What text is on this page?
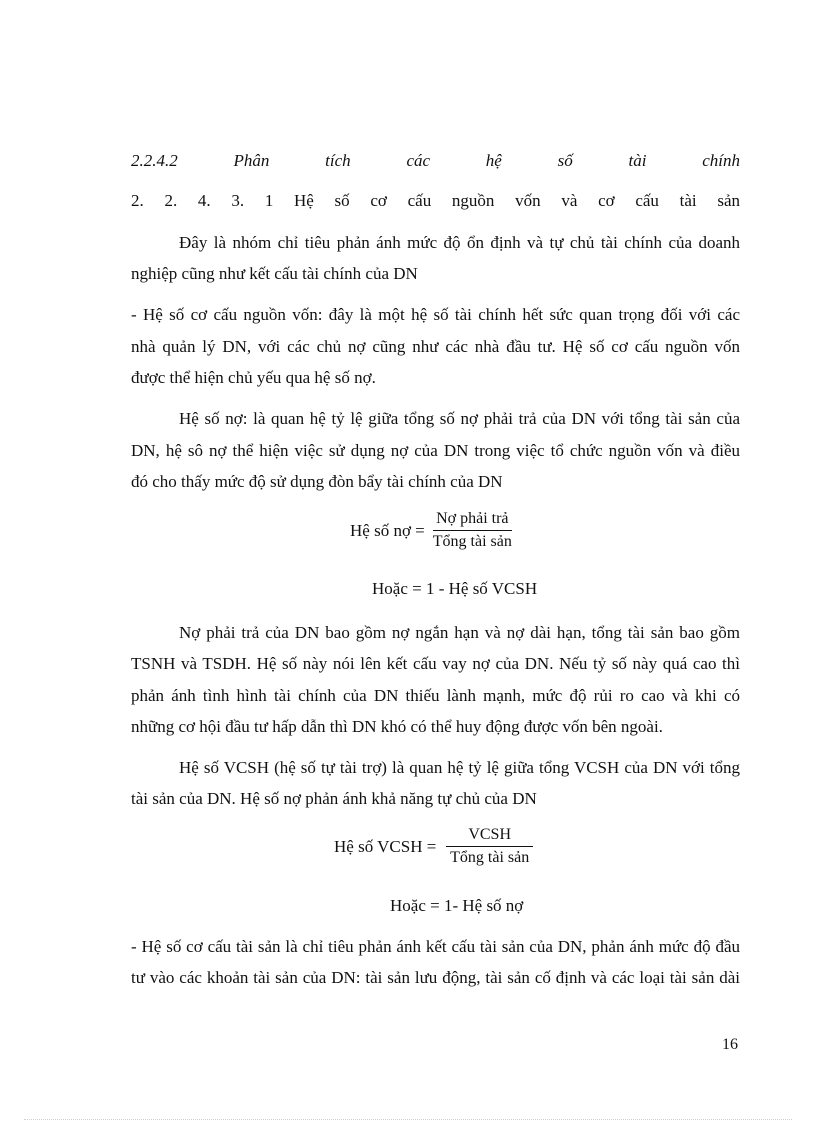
2.2.4.2	Phân	tích	các	hệ	số	tài	chính
2. 2. 4. 3. 1 Hệ số cơ cấu nguồn vốn và cơ cấu tài sản
Đây là nhóm chỉ tiêu phản ánh mức độ ổn định và tự chủ tài chính của doanh
nghiệp cũng như kết cấu tài chính của DN
- Hệ số cơ cấu nguồn vốn: đây là một hệ số tài chính hết sức quan trọng đối với các
nhà quản lý DN, với các chủ nợ cũng như các nhà đầu tư. Hệ số cơ cấu nguồn vốn
được thể hiện chủ yếu qua hệ số nợ.
Hệ số nợ: là quan hệ tỷ lệ giữa tổng số nợ phải trả của DN với tổng tài sản của
DN, hệ sô nợ thể hiện việc sử dụng nợ của DN trong việc tổ chức nguồn vốn và điều
đó cho thấy mức độ sử dụng đòn bẩy tài chính của DN
Hệ số nợ = $\frac{\text{Nợ phải trả}}{\text{Tổng tài sản}}$
Hoặc = 1 - Hệ số VCSH
Nợ phải trả của DN bao gồm nợ ngắn hạn và nợ dài hạn, tổng tài sản bao gồm
TSNH và TSDH. Hệ số này nói lên kết cấu vay nợ của DN. Nếu tỷ số này quá cao thì
phản ánh tình hình tài chính của DN thiếu lành mạnh, mức độ rủi ro cao và khi có
những cơ hội đầu tư hấp dẫn thì DN khó có thể huy động được vốn bên ngoài.
Hệ số VCSH (hệ số tự tài trợ) là quan hệ tỷ lệ giữa tổng VCSH của DN với tổng
tài sản của DN. Hệ số nợ phản ánh khả năng tự chủ của DN
Hệ số VCSH = $\frac{\text{VCSH}}{\text{Tổng tài sản}}$
Hoặc = 1- Hệ số nợ
- Hệ số cơ cấu tài sản là chỉ tiêu phản ánh kết cấu tài sản của DN, phản ánh mức độ đầu
tư vào các khoản tài sản của DN: tài sản lưu động, tài sản cố định và các loại tài sản dài
16
